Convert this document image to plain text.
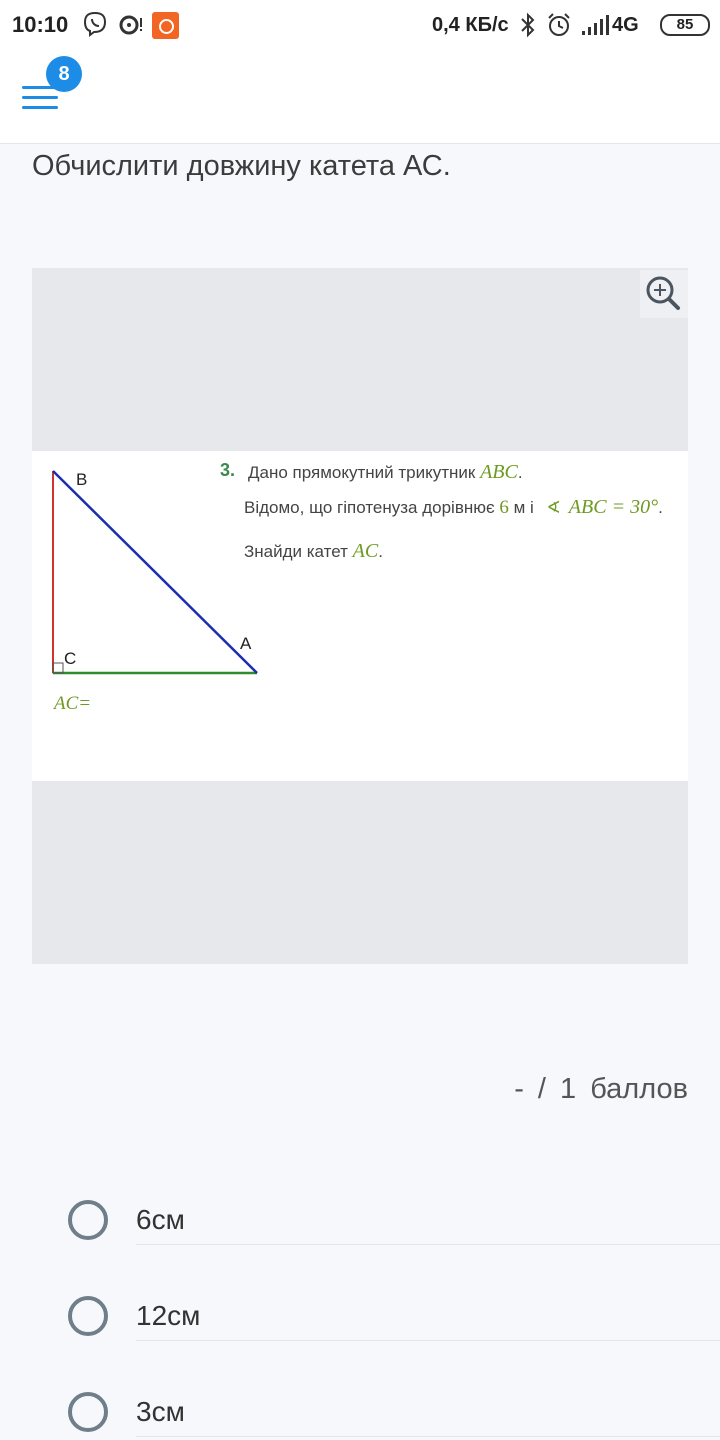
10:10	0,4 КБ/с	4G	85
8
Обчислити довжину катета АС.
B
C
A
3. Дано прямокутний трикутник ABC.
Відомо, що гіпотенуза дорівнює 6 м і ∢ ABC = 30°.
Знайди катет AC.
AC=
- / 1 баллов
6см
12см
3см
